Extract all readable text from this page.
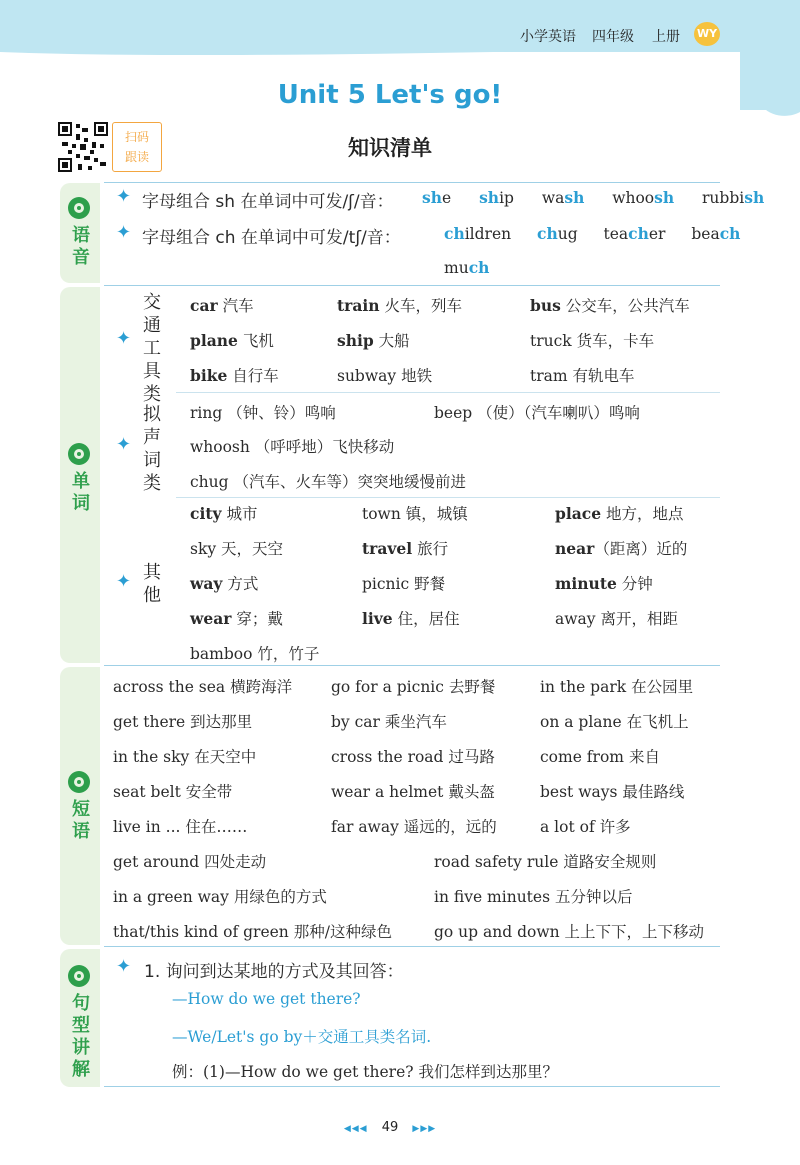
小学英语 四年级 上册 WY
Unit 5 Let's go!
知识清单
扫码
跟读
语音
单词
短语
句型讲解
✦ 字母组合 sh 在单词中可发/ʃ/音： she ship wash whoosh rubbish
✦ 字母组合 ch 在单词中可发/tʃ/音：	children chug teacher beach
much
✦
交通工具类
car 汽车	train 火车，列车	bus 公交车，公共汽车
plane 飞机	ship 大船	truck 货车，卡车
bike 自行车	subway 地铁	tram 有轨电车
✦
拟声词类
ring （钟、铃）鸣响	beep （使）（汽车喇叭）鸣响
whoosh （呼呼地）飞快移动
chug （汽车、火车等）突突地缓慢前进
✦ 其他
city 城市	town 镇，城镇	place 地方，地点
sky 天，天空	travel 旅行	near（距离）近的
way 方式	picnic 野餐	minute 分钟
wear 穿；戴	live 住，居住	away 离开，相距
bamboo 竹，竹子
across the sea 横跨海洋	go for a picnic 去野餐	in the park 在公园里
get there 到达那里	by car 乘坐汽车	on a plane 在飞机上
in the sky 在天空中	cross the road 过马路	come from 来自
seat belt 安全带	wear a helmet 戴头盔	best ways 最佳路线
live in ... 住在……	far away 遥远的，远的	a lot of 许多
get around 四处走动	road safety rule 道路安全规则
in a green way 用绿色的方式	in five minutes 五分钟以后
that/this kind of green 那种/这种绿色	go up and down 上上下下，上下移动
✦ 1. 询问到达某地的方式及其回答：
—How do we get there?
—We/Let's go by＋交通工具类名词.
例：(1)—How do we get there? 我们怎样到达那里？
◀◀◀ 49 ▶▶▶
